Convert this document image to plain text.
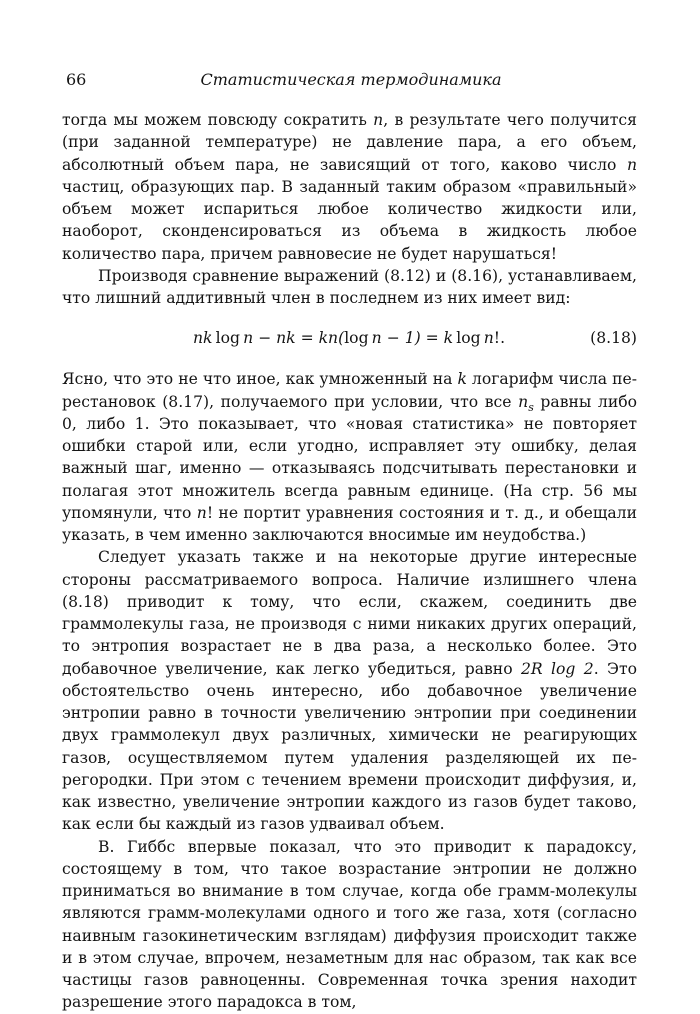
66	Статистическая термодинамика

тогда мы можем повсюду сократить n, в результате чего получится (при заданной температуре) не давление пара, а его объем, абсолютный объем пара, не зависящий от того, каково число n частиц, образующих пар. В заданный таким образом «правильный» объем может испариться любое количество жидкости или, наоборот, сконденсироваться из объема в жидкость любое количество пара, причем равновесие не будет нарушаться!

Производя сравнение выражений (8.12) и (8.16), устанавливаем, что лишний аддитивный член в последнем из них имеет вид:

nk  log  n − nk = kn(log  n − 1) = k  log  n!.	(8.18)

Ясно, что это не что иное, как умноженный на k логарифм числа перестановок (8.17), получаемого при условии, что все $n_s$ равны либо 0, либо 1. Это показывает, что «новая статистика» не повторяет ошибки старой или, если угодно, исправляет эту ошибку, делая важный шаг, именно — отказываясь подсчитывать перестановки и полагая этот множитель всегда равным единице. (На стр. 56 мы упомянули, что n! не портит уравнения состояния и т. д., и обещали указать, в чем именно заключаются вносимые им неудобства.)

Следует указать также и на некоторые другие интересные стороны рассматриваемого вопроса. Наличие излишнего члена (8.18) приводит к тому, что если, скажем, соединить две граммолекулы газа, не производя с ними никаких других операций, то энтропия возрастает не в два раза, а несколько более. Это добавочное увеличение, как легко убедиться, равно 2R log 2. Это обстоятельство очень интересно, ибо добавочное увеличение энтропии равно в точности увеличению энтропии при соединении двух граммолекул двух различных, химически не реагирующих газов, осуществляемом путем удаления разделяющей их перегородки. При этом с течением времени происходит диффузия, и, как известно, увеличение энтропии каждого из газов будет таково, как если бы каждый из газов удваивал объем.

В. Гиббс впервые показал, что это приводит к парадоксу, состоящему в том, что такое возрастание энтропии не должно приниматься во внимание в том случае, когда обе грамм-молекулы являются грамм-молекулами одного и того же газа, хотя (согласно наивным газокинетическим взглядам) диффузия происходит также и в этом случае, впрочем, незаметным для нас образом, так как все частицы газов равноценны. Современная точка зрения находит разрешение этого парадокса в том,
